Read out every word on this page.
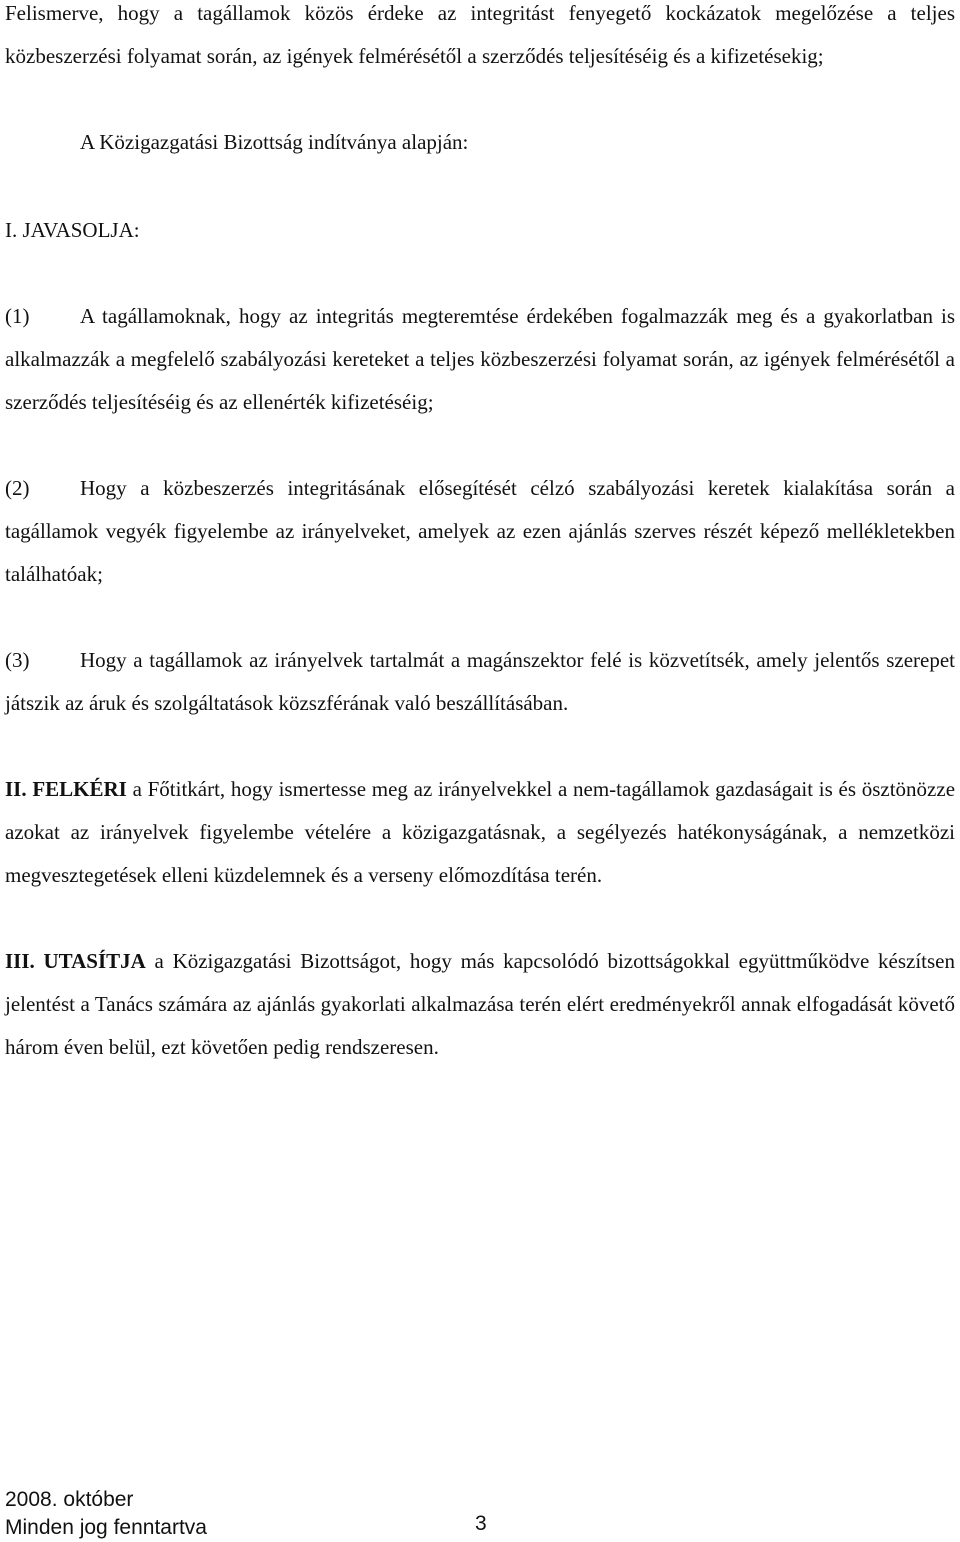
Felismerve, hogy a tagállamok közös érdeke az integritást fenyegető kockázatok megelőzése a teljes közbeszerzési folyamat során, az igények felmérésétől a szerződés teljesítéséig és a kifizetésekig;

A Közigazgatási Bizottság indítványa alapján:

I. JAVASOLJA:

(1) A tagállamoknak, hogy az integritás megteremtése érdekében fogalmazzák meg és a gyakorlatban is alkalmazzák a megfelelő szabályozási kereteket a teljes közbeszerzési folyamat során, az igények felmérésétől a szerződés teljesítéséig és az ellenérték kifizetéséig;

(2) Hogy a közbeszerzés integritásának elősegítését célzó szabályozási keretek kialakítása során a tagállamok vegyék figyelembe az irányelveket, amelyek az ezen ajánlás szerves részét képező mellékletekben találhatóak;

(3) Hogy a tagállamok az irányelvek tartalmát a magánszektor felé is közvetítsék, amely jelentős szerepet játszik az áruk és szolgáltatások közszférának való beszállításában.

II. FELKÉRI a Főtitkárt, hogy ismertesse meg az irányelvekkel a nem-tagállamok gazdaságait is és ösztönözze azokat az irányelvek figyelembe vételére a közigazgatásnak, a segélyezés hatékonyságának, a nemzetközi megvesztegetések elleni küzdelemnek és a verseny előmozdítása terén.

III. UTASÍTJA a Közigazgatási Bizottságot, hogy más kapcsolódó bizottságokkal együttműködve készítsen jelentést a Tanács számára az ajánlás gyakorlati alkalmazása terén elért eredményekről annak elfogadását követő három éven belül, ezt követően pedig rendszeresen.

2008. október
Minden jog fenntartva	3
